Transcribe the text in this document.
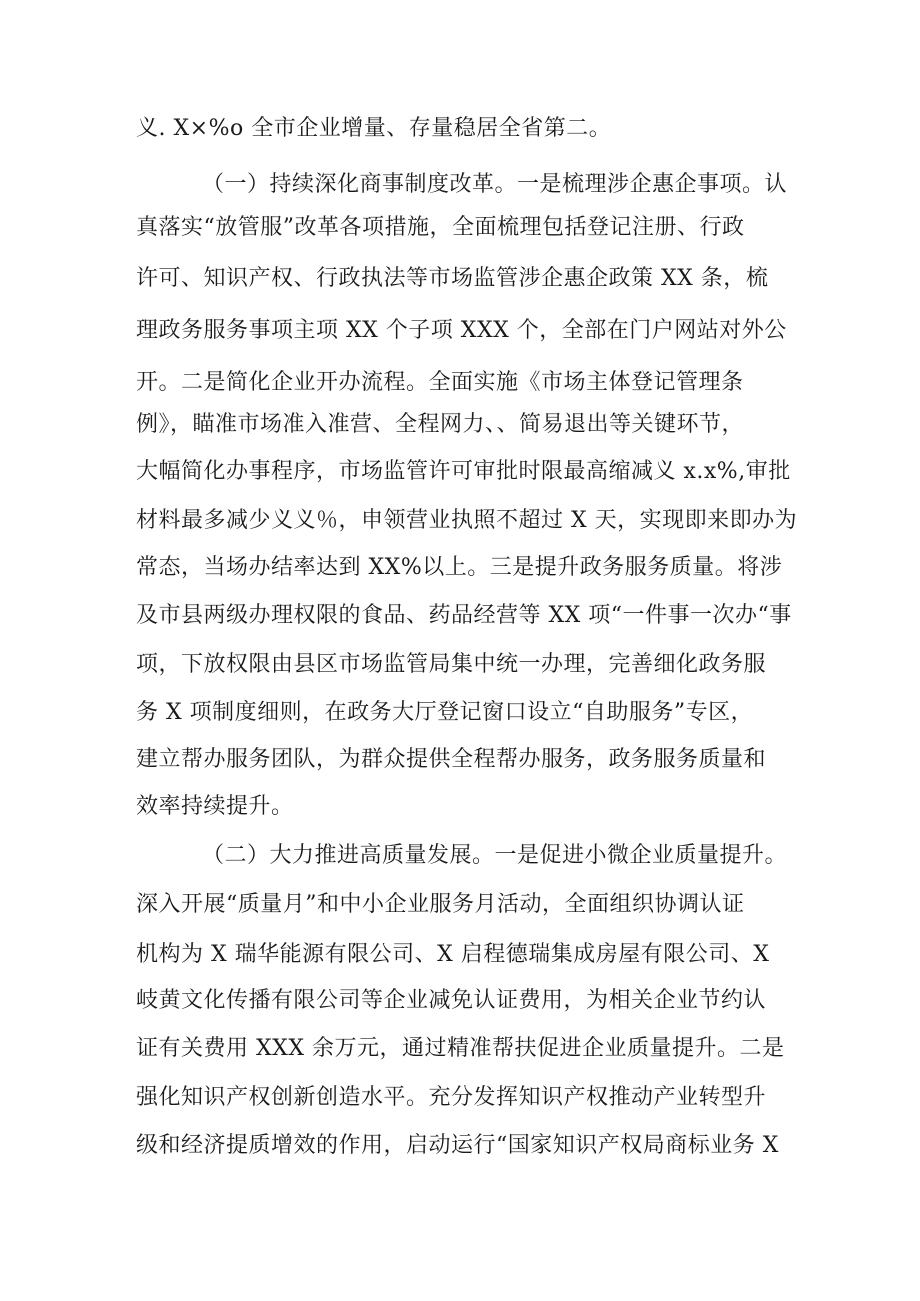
义. X×%o 全市企业增量、存量稳居全省第二。
（一）持续深化商事制度改革。一是梳理涉企惠企事项。认
真落实“放管服”改革各项措施，全面梳理包括登记注册、行政
许可、知识产权、行政执法等市场监管涉企惠企政策 XX 条，梳
理政务服务事项主项 XX 个子项 XXX 个，全部在门户网站对外公
开。二是简化企业开办流程。全面实施《市场主体登记管理条
例》，瞄准市场准入准营、全程网力、、简易退出等关键环节，
大幅简化办事程序，市场监管许可审批时限最高缩减义 x.x%,审批
材料最多减少义义％，申领营业执照不超过 X 天，实现即来即办为
常态，当场办结率达到 XX%以上。三是提升政务服务质量。将涉
及市县两级办理权限的食品、药品经营等 XX 项“一件事一次办“事
项，下放权限由县区市场监管局集中统一办理，完善细化政务服
务 X 项制度细则，在政务大厅登记窗口设立“自助服务”专区，
建立帮办服务团队，为群众提供全程帮办服务，政务服务质量和
效率持续提升。
（二）大力推进高质量发展。一是促进小微企业质量提升。
深入开展“质量月”和中小企业服务月活动，全面组织协调认证
机构为 X 瑞华能源有限公司、X 启程德瑞集成房屋有限公司、X
岐黄文化传播有限公司等企业减免认证费用，为相关企业节约认
证有关费用 XXX 余万元，通过精准帮扶促进企业质量提升。二是
强化知识产权创新创造水平。充分发挥知识产权推动产业转型升
级和经济提质增效的作用，启动运行“国家知识产权局商标业务 X
